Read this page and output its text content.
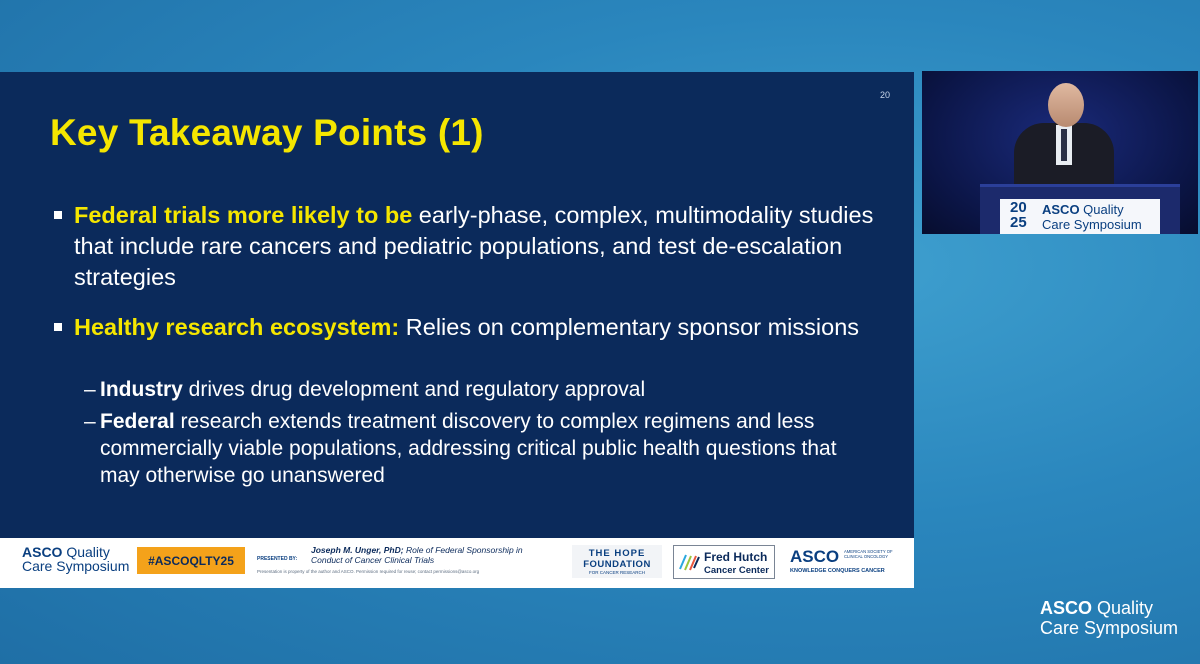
20
Key Takeaway Points (1)
Federal trials more likely to be early-phase, complex, multimodality studies that include rare cancers and pediatric populations, and test de-escalation strategies
Healthy research ecosystem: Relies on complementary sponsor missions
– Industry drives drug development and regulatory approval
– Federal research extends treatment discovery to complex regimens and less commercially viable populations, addressing critical public health questions that may otherwise go unanswered
ASCO Quality
Care Symposium	#ASCOQLTY25	PRESENTED BY:
Joseph M. Unger, PhD; Role of Federal Sponsorship in Conduct of Cancer Clinical Trials
Presentation is property of the author and ASCO. Permission required for reuse; contact permissions@asco.org
THE HOPE
FOUNDATION
FOR CANCER RESEARCH
Fred Hutch
Cancer Center
ASCO	AMERICAN SOCIETY OF CLINICAL ONCOLOGY
KNOWLEDGE CONQUERS CANCER
20
25
ASCO Quality
Care Symposium
ASCO Quality
Care Symposium
